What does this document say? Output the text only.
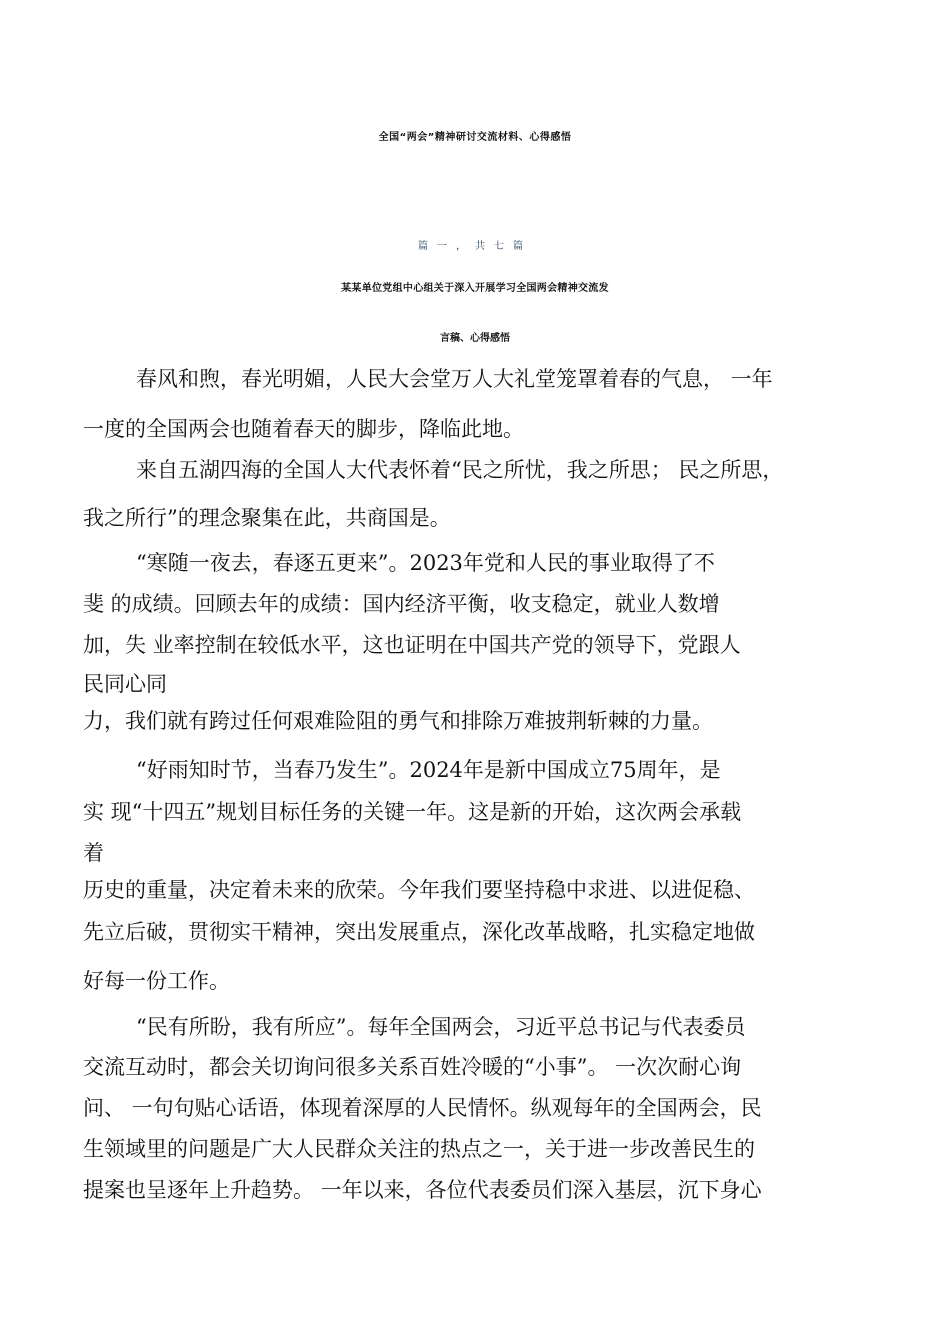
全国“两会”精神研讨交流材料、心得感悟
篇一，共七篇
某某单位党组中心组关于深入开展学习全国两会精神交流发
言稿、心得感悟
春风和煦，春光明媚，人民大会堂万人大礼堂笼罩着春的气息， 一年
一度的全国两会也随着春天的脚步，降临此地。
来自五湖四海的全国人大代表怀着“民之所忧，我之所思； 民之所思，
我之所行”的理念聚集在此，共商国是。
“寒随一夜去，春逐五更来”。2023年党和人民的事业取得了不
斐 的成绩。回顾去年的成绩：国内经济平衡，收支稳定，就业人数增
加，失 业率控制在较低水平，这也证明在中国共产党的领导下，党跟人
民同心同
力，我们就有跨过任何艰难险阻的勇气和排除万难披荆斩棘的力量。
“好雨知时节，当春乃发生”。2024年是新中国成立75周年，是
实 现“十四五”规划目标任务的关键一年。这是新的开始，这次两会承载
着
历史的重量，决定着未来的欣荣。今年我们要坚持稳中求进、以进促稳、
先立后破，贯彻实干精神，突出发展重点，深化改革战略，扎实稳定地做
好每一份工作。
“民有所盼，我有所应”。每年全国两会，习近平总书记与代表委员
交流互动时，都会关切询问很多关系百姓冷暖的“小事”。 一次次耐心询
问、 一句句贴心话语，体现着深厚的人民情怀。纵观每年的全国两会，民
生领域里的问题是广大人民群众关注的热点之一，关于进一步改善民生的
提案也呈逐年上升趋势。 一年以来，各位代表委员们深入基层，沉下身心
